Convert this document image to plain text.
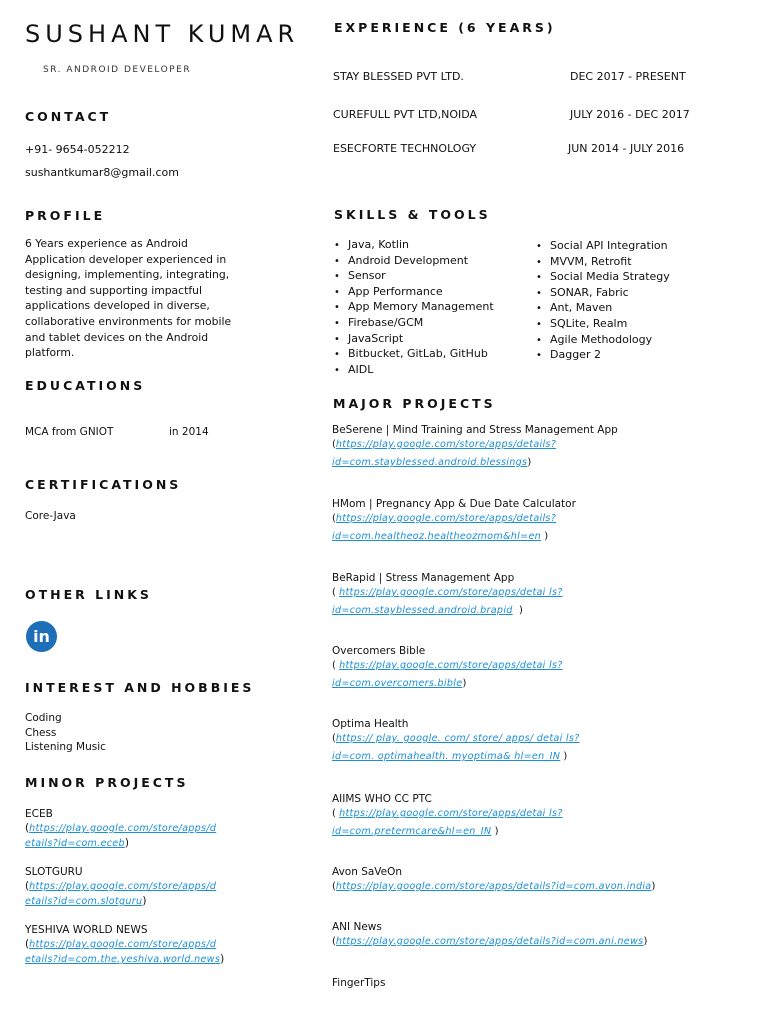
SUSHANT KUMAR
SR. ANDROID DEVELOPER
CONTACT
+91- 9654-052212
sushantkumar8@gmail.com
PROFILE
6 Years experience as Android
Application developer experienced in
designing, implementing, integrating,
testing and supporting impactful
applications developed in diverse,
collaborative environments for mobile
and tablet devices on the Android
platform.
EDUCATIONS
MCA from GNIOT	in 2014
CERTIFICATIONS
Core-Java
OTHER LINKS
in
INTEREST AND HOBBIES
Coding
Chess
Listening Music
MINOR PROJECTS
ECEB
(https://play.google.com/store/apps/d
etails?id=com.eceb)
SLOTGURU
(https://play.google.com/store/apps/d
etails?id=com.slotguru)
YESHIVA WORLD NEWS
(https://play.google.com/store/apps/d
etails?id=com.the.yeshiva.world.news)
EXPERIENCE (6 YEARS)
STAY BLESSED PVT LTD.	DEC 2017 - PRESENT
CUREFULL PVT LTD,NOIDA	JULY 2016 - DEC 2017
ESECFORTE TECHNOLOGY	JUN 2014 - JULY 2016
SKILLS & TOOLS
• Java, Kotlin
• Android Development
• Sensor
• App Performance
• App Memory Management
• Firebase/GCM
• JavaScript
• Bitbucket, GitLab, GitHub
• AIDL
• Social API Integration
• MVVM, Retrofit
• Social Media Strategy
• SONAR, Fabric
• Ant, Maven
• SQLite, Realm
• Agile Methodology
• Dagger 2
MAJOR PROJECTS
BeSerene | Mind Training and Stress Management App
(https://play.google.com/store/apps/details?
id=com.stayblessed.android.blessings)
HMom | Pregnancy App & Due Date Calculator
(https://play.google.com/store/apps/details?
id=com.healtheoz.healtheozmom&hl=en )
BeRapid | Stress Management App
( https://play.google.com/store/apps/detai ls?
id=com.stayblessed.android.brapid )
Overcomers Bible
( https://play.google.com/store/apps/detai ls?
id=com.overcomers.bible)
Optima Health
(https:// play. google. com/ store/ apps/ detai ls?
id=com. optimahealth. myoptima& hl=en_IN )
AIIMS WHO CC PTC
( https://play.google.com/store/apps/detai ls?
id=com.pretermcare&hl=en_IN )
Avon SaVeOn
(https://play.google.com/store/apps/details?id=com.avon.india)
ANI News
(https://play.google.com/store/apps/details?id=com.ani.news)
FingerTips
